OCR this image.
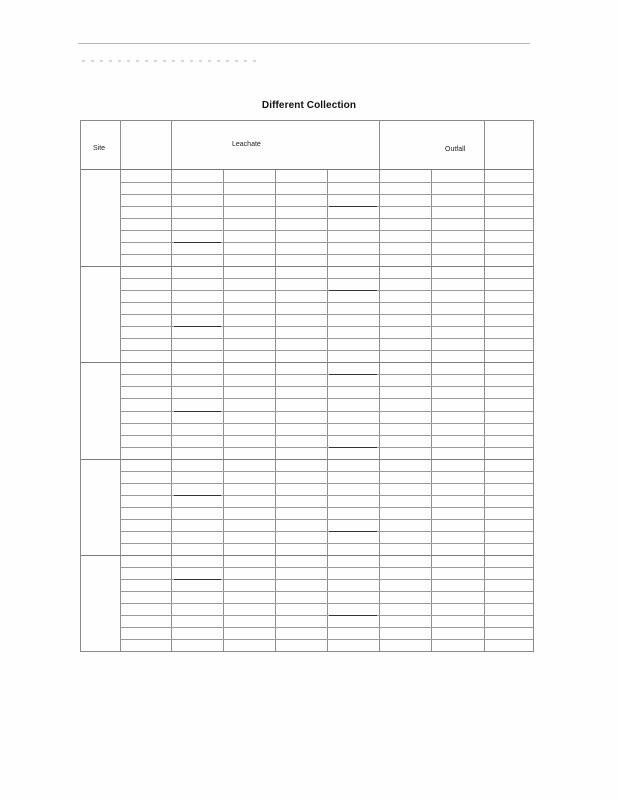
Different Collection
Site
Leachate
Outfall
